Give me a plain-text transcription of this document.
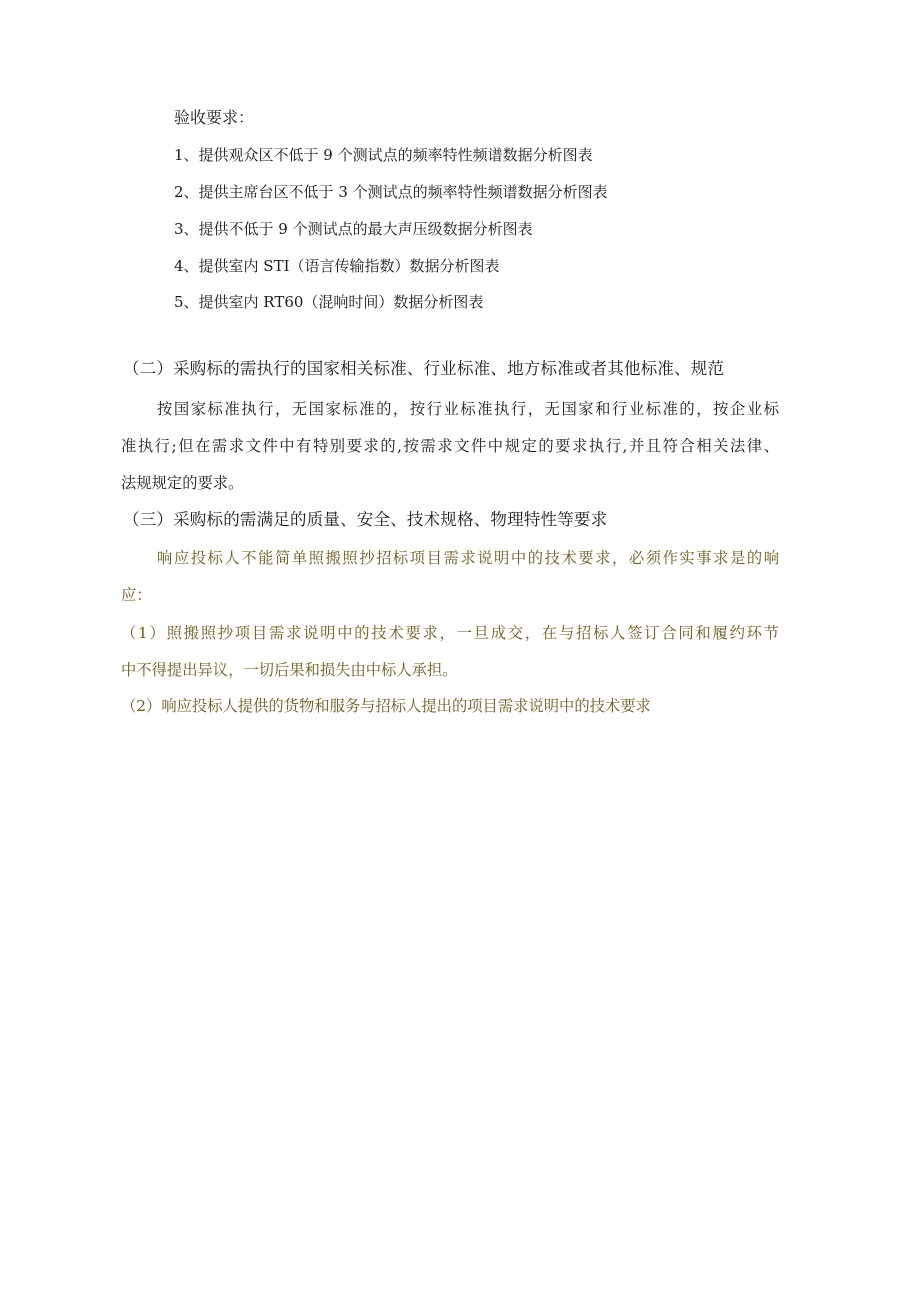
验收要求：
1、提供观众区不低于 9 个测试点的频率特性频谱数据分析图表
2、提供主席台区不低于 3 个测试点的频率特性频谱数据分析图表
3、提供不低于 9 个测试点的最大声压级数据分析图表
4、提供室内 STI（语言传输指数）数据分析图表
5、提供室内 RT60（混响时间）数据分析图表
（二）采购标的需执行的国家相关标准、行业标准、地方标准或者其他标准、规范
按国家标准执行，无国家标准的，按行业标准执行，无国家和行业标准的，按企业标
准执行;但在需求文件中有特别要求的,按需求文件中规定的要求执行,并且符合相关法律、
法规规定的要求。
（三）采购标的需满足的质量、安全、技术规格、物理特性等要求
响应投标人不能简单照搬照抄招标项目需求说明中的技术要求，必须作实事求是的响
应：
（1）照搬照抄项目需求说明中的技术要求，一旦成交，在与招标人签订合同和履约环节
中不得提出异议，一切后果和损失由中标人承担。
（2）响应投标人提供的货物和服务与招标人提出的项目需求说明中的技术要求
